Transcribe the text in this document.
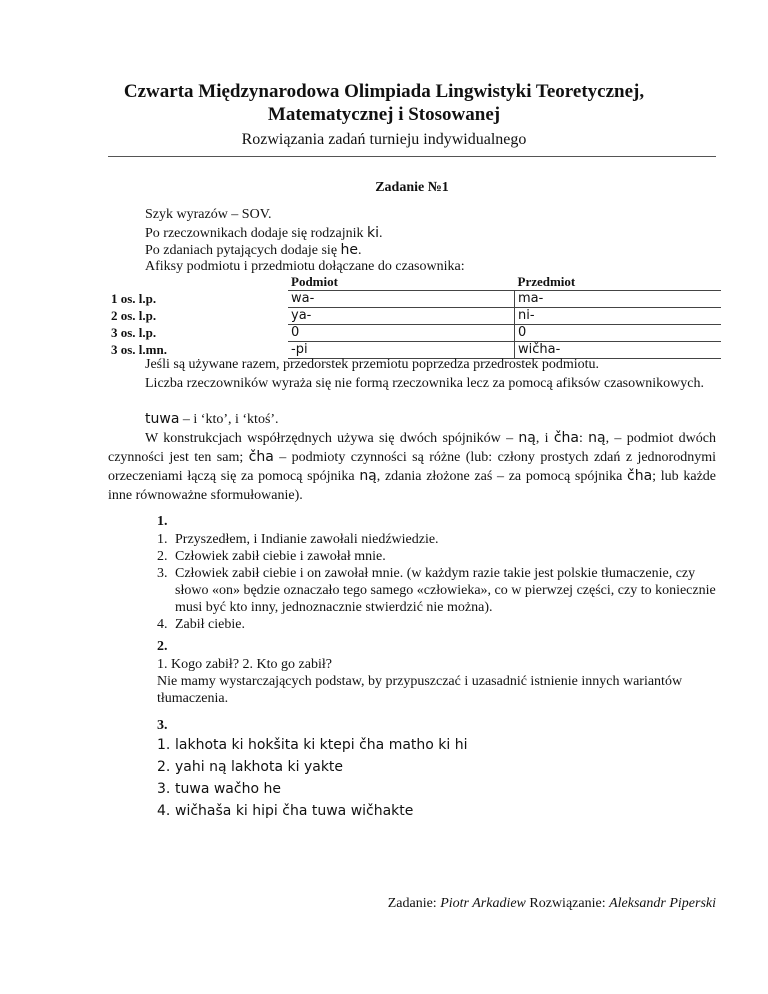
Czwarta Międzynarodowa Olimpiada Lingwistyki Teoretycznej,
Matematycznej i Stosowanej
Rozwiązania zadań turnieju indywidualnego
Zadanie №1
Szyk wyrazów – SOV.
Po rzeczownikach dodaje się rodzajnik ki.
Po zdaniach pytających dodaje się he.
Afiksy podmiotu i przedmiotu dołączane do czasownika:
	Podmiot	Przedmiot
1 os. l.p.	wa-	ma-
2 os. l.p.	ya-	ni-
3 os. l.p.	0	0
3 os. l.mn.	-pi	wičha-
Jeśli są używane razem, przedorstek przemiotu poprzedza przedrostek podmiotu.
Liczba rzeczowników wyraża się nie formą rzeczownika lecz za pomocą afiksów czasownikowych.
tuwa – i ‘kto’, i ‘ktoś’.
W konstrukcjach współrzędnych używa się dwóch spójników – ną, i čha: ną, – podmiot dwóch czynności jest ten sam; čha – podmioty czynności są różne (lub: człony prostych zdań z jednorodnymi orzeczeniami łączą się za pomocą spójnika ną, zdania złożone zaś – za pomocą spójnika čha; lub każde inne równoważne sformułowanie).
1.
1. Przyszedłem, i Indianie zawołali niedźwiedzie.
2. Człowiek zabił ciebie i zawołał mnie.
3. Człowiek zabił ciebie i on zawołał mnie. (w każdym razie takie jest polskie tłumaczenie, czy słowo «on» będzie oznaczało tego samego «człowieka», co w pierwzej części, czy to koniecznie musi być kto inny, jednoznacznie stwierdzić nie można).
4. Zabił ciebie.
2.
1. Kogo zabił? 2. Kto go zabił?
Nie mamy wystarczających podstaw, by przypuszczać i uzasadnić istnienie innych wariantów tłumaczenia.
3.
1. lakhota ki hokšita ki ktepi čha matho ki hi
2. yahi ną lakhota ki yakte
3. tuwa wačho he
4. wičhaša ki hipi čha tuwa wičhakte
Zadanie: Piotr Arkadiew Rozwiązanie: Aleksandr Piperski
